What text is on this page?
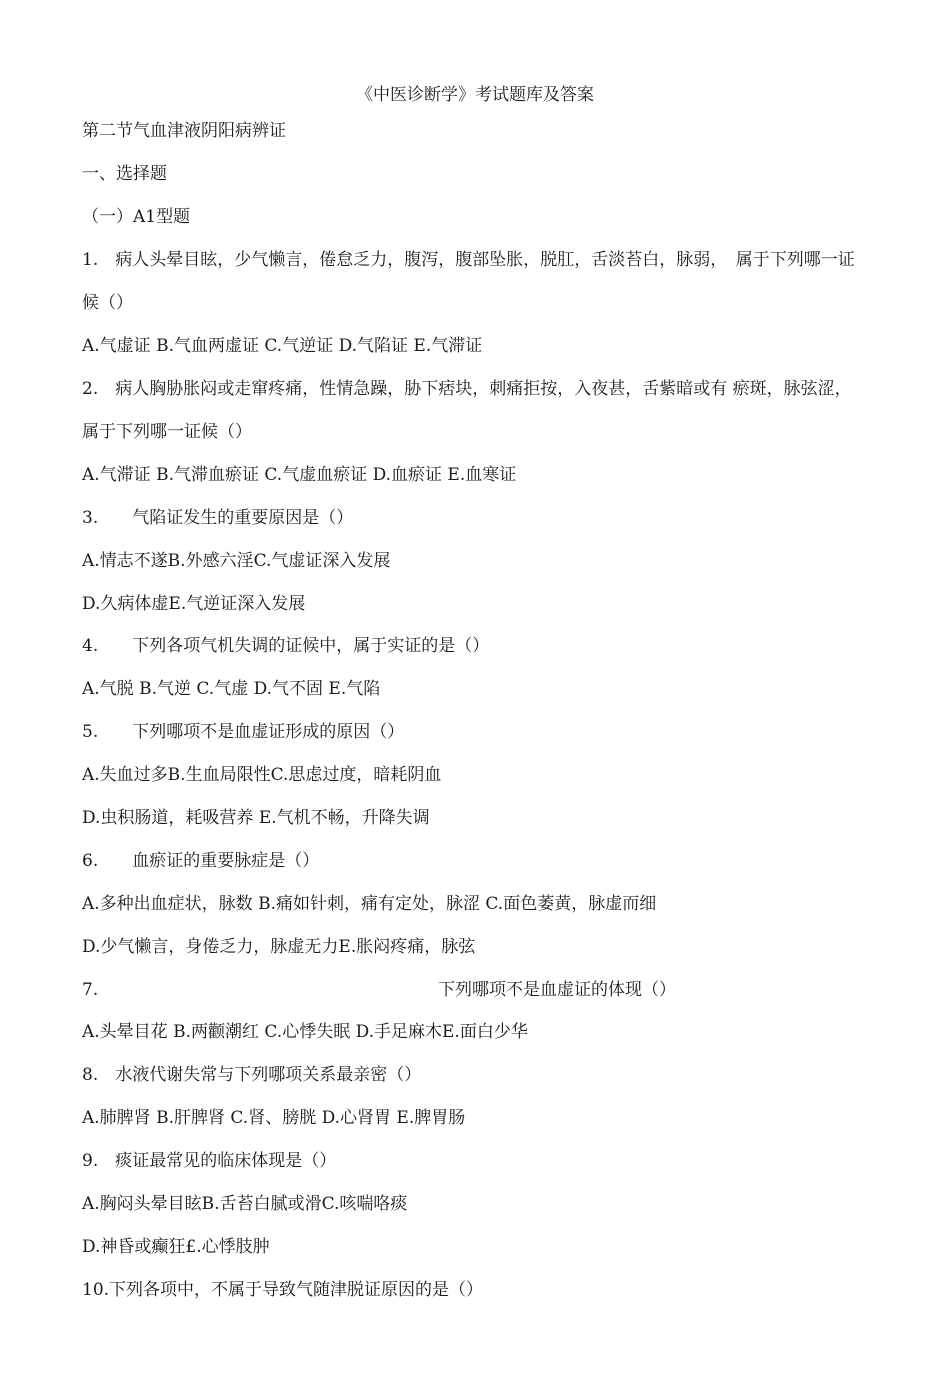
《中医诊断学》考试题库及答案
第二节气血津液阴阳病辨证
一、选择题
（一）A1型题
1.　病人头晕目眩，少气懒言，倦怠乏力，腹泻，腹部坠胀，脱肛，舌淡苔白，脉弱，　属于下列哪一证
候（）
A.气虚证 B.气血两虚证 C.气逆证 D.气陷证 E.气滞证
2.　病人胸胁胀闷或走窜疼痛，性情急躁，胁下痞块，刺痛拒按，入夜甚，舌紫暗或有 瘀斑，脉弦涩，
属于下列哪一证候（）
A.气滞证 B.气滞血瘀证 C.气虚血瘀证 D.血瘀证 E.血寒证
3.　　气陷证发生的重要原因是（）
A.情志不遂B.外感六淫C.气虚证深入发展
D.久病体虚E.气逆证深入发展
4.　　下列各项气机失调的证候中，属于实证的是（）
A.气脱 B.气逆 C.气虚 D.气不固 E.气陷
5.　　下列哪项不是血虚证形成的原因（）
A.失血过多B.生血局限性C.思虑过度，暗耗阴血
D.虫积肠道，耗吸营养 E.气机不畅，升降失调
6.　　血瘀证的重要脉症是（）
A.多种出血症状，脉数 B.痛如针刺，痛有定处，脉涩 C.面色萎黄，脉虚而细
D.少气懒言，身倦乏力，脉虚无力E.胀闷疼痛，脉弦
7.	下列哪项不是血虚证的体现（）
A.头晕目花 B.两颧潮红 C.心悸失眠 D.手足麻木E.面白少华
8.　水液代谢失常与下列哪项关系最亲密（）
A.肺脾肾 B.肝脾肾 C.肾、膀胱 D.心肾胃 E.脾胃肠
9.　痰证最常见的临床体现是（）
A.胸闷头晕目眩B.舌苔白腻或滑C.咳喘咯痰
D.神昏或癫狂£.心悸肢肿
10.下列各项中，不属于导致气随津脱证原因的是（）
